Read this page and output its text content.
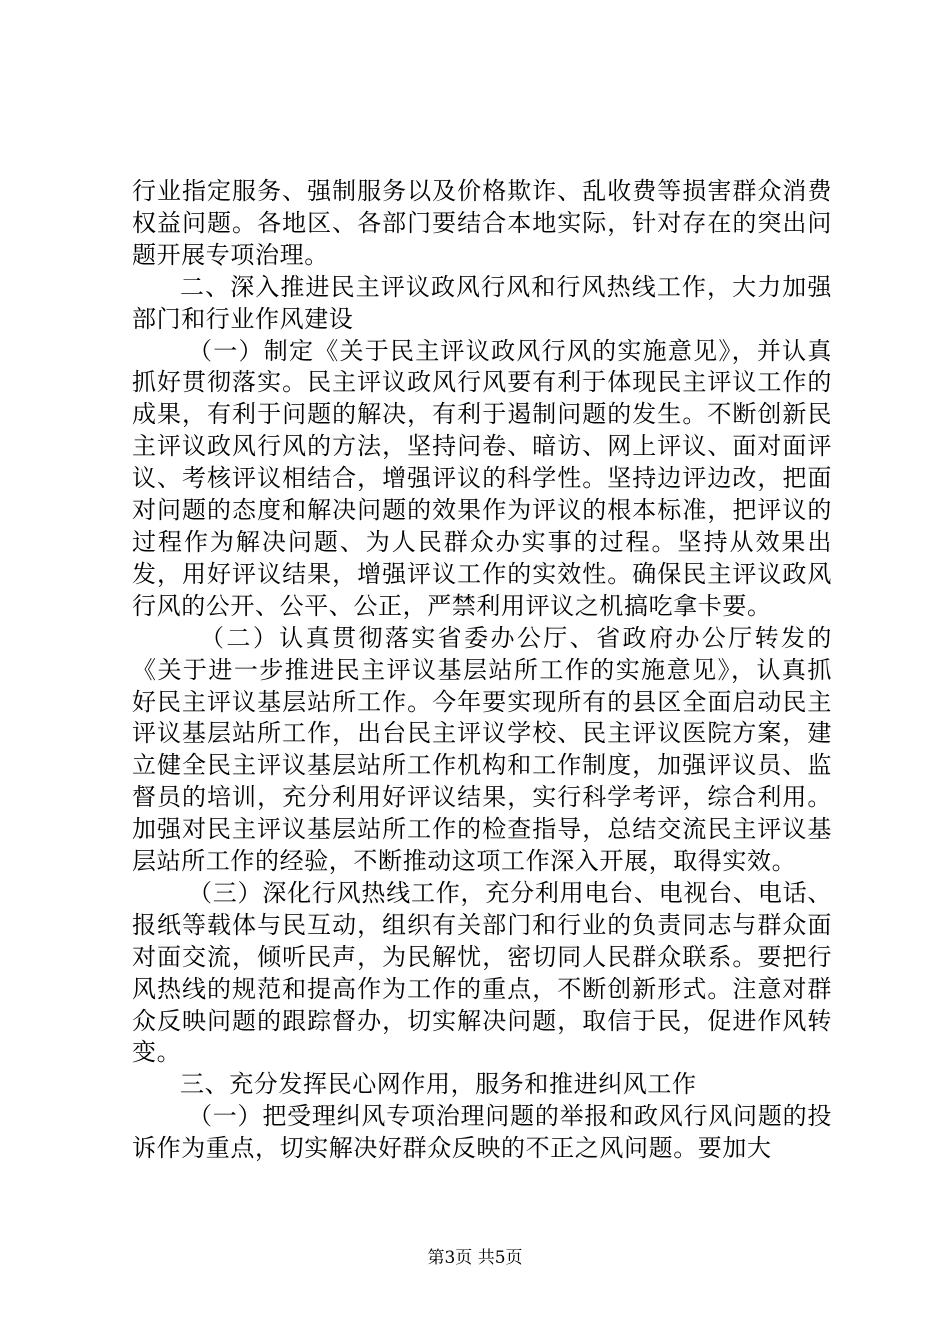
行业指定服务、强制服务以及价格欺诈、乱收费等损害群众消费权益问题。各地区、各部门要结合本地实际，针对存在的突出问题开展专项治理。

二、深入推进民主评议政风行风和行风热线工作，大力加强部门和行业作风建设

（一）制定《关于民主评议政风行风的实施意见》，并认真抓好贯彻落实。民主评议政风行风要有利于体现民主评议工作的成果，有利于问题的解决，有利于遏制问题的发生。不断创新民主评议政风行风的方法，坚持问卷、暗访、网上评议、面对面评议、考核评议相结合，增强评议的科学性。坚持边评边改，把面对问题的态度和解决问题的效果作为评议的根本标准，把评议的过程作为解决问题、为人民群众办实事的过程。坚持从效果出发，用好评议结果，增强评议工作的实效性。确保民主评议政风行风的公开、公平、公正，严禁利用评议之机搞吃拿卡要。

（二）认真贯彻落实省委办公厅、省政府办公厅转发的《关于进一步推进民主评议基层站所工作的实施意见》，认真抓好民主评议基层站所工作。今年要实现所有的县区全面启动民主评议基层站所工作，出台民主评议学校、民主评议医院方案，建立健全民主评议基层站所工作机构和工作制度，加强评议员、监督员的培训，充分利用好评议结果，实行科学考评，综合利用。加强对民主评议基层站所工作的检查指导，总结交流民主评议基层站所工作的经验，不断推动这项工作深入开展，取得实效。

（三）深化行风热线工作，充分利用电台、电视台、电话、报纸等载体与民互动，组织有关部门和行业的负责同志与群众面对面交流，倾听民声，为民解忧，密切同人民群众联系。要把行风热线的规范和提高作为工作的重点，不断创新形式。注意对群众反映问题的跟踪督办，切实解决问题，取信于民，促进作风转变。

三、充分发挥民心网作用，服务和推进纠风工作

（一）把受理纠风专项治理问题的举报和政风行风问题的投诉作为重点，切实解决好群众反映的不正之风问题。要加大

第3页 共5页
